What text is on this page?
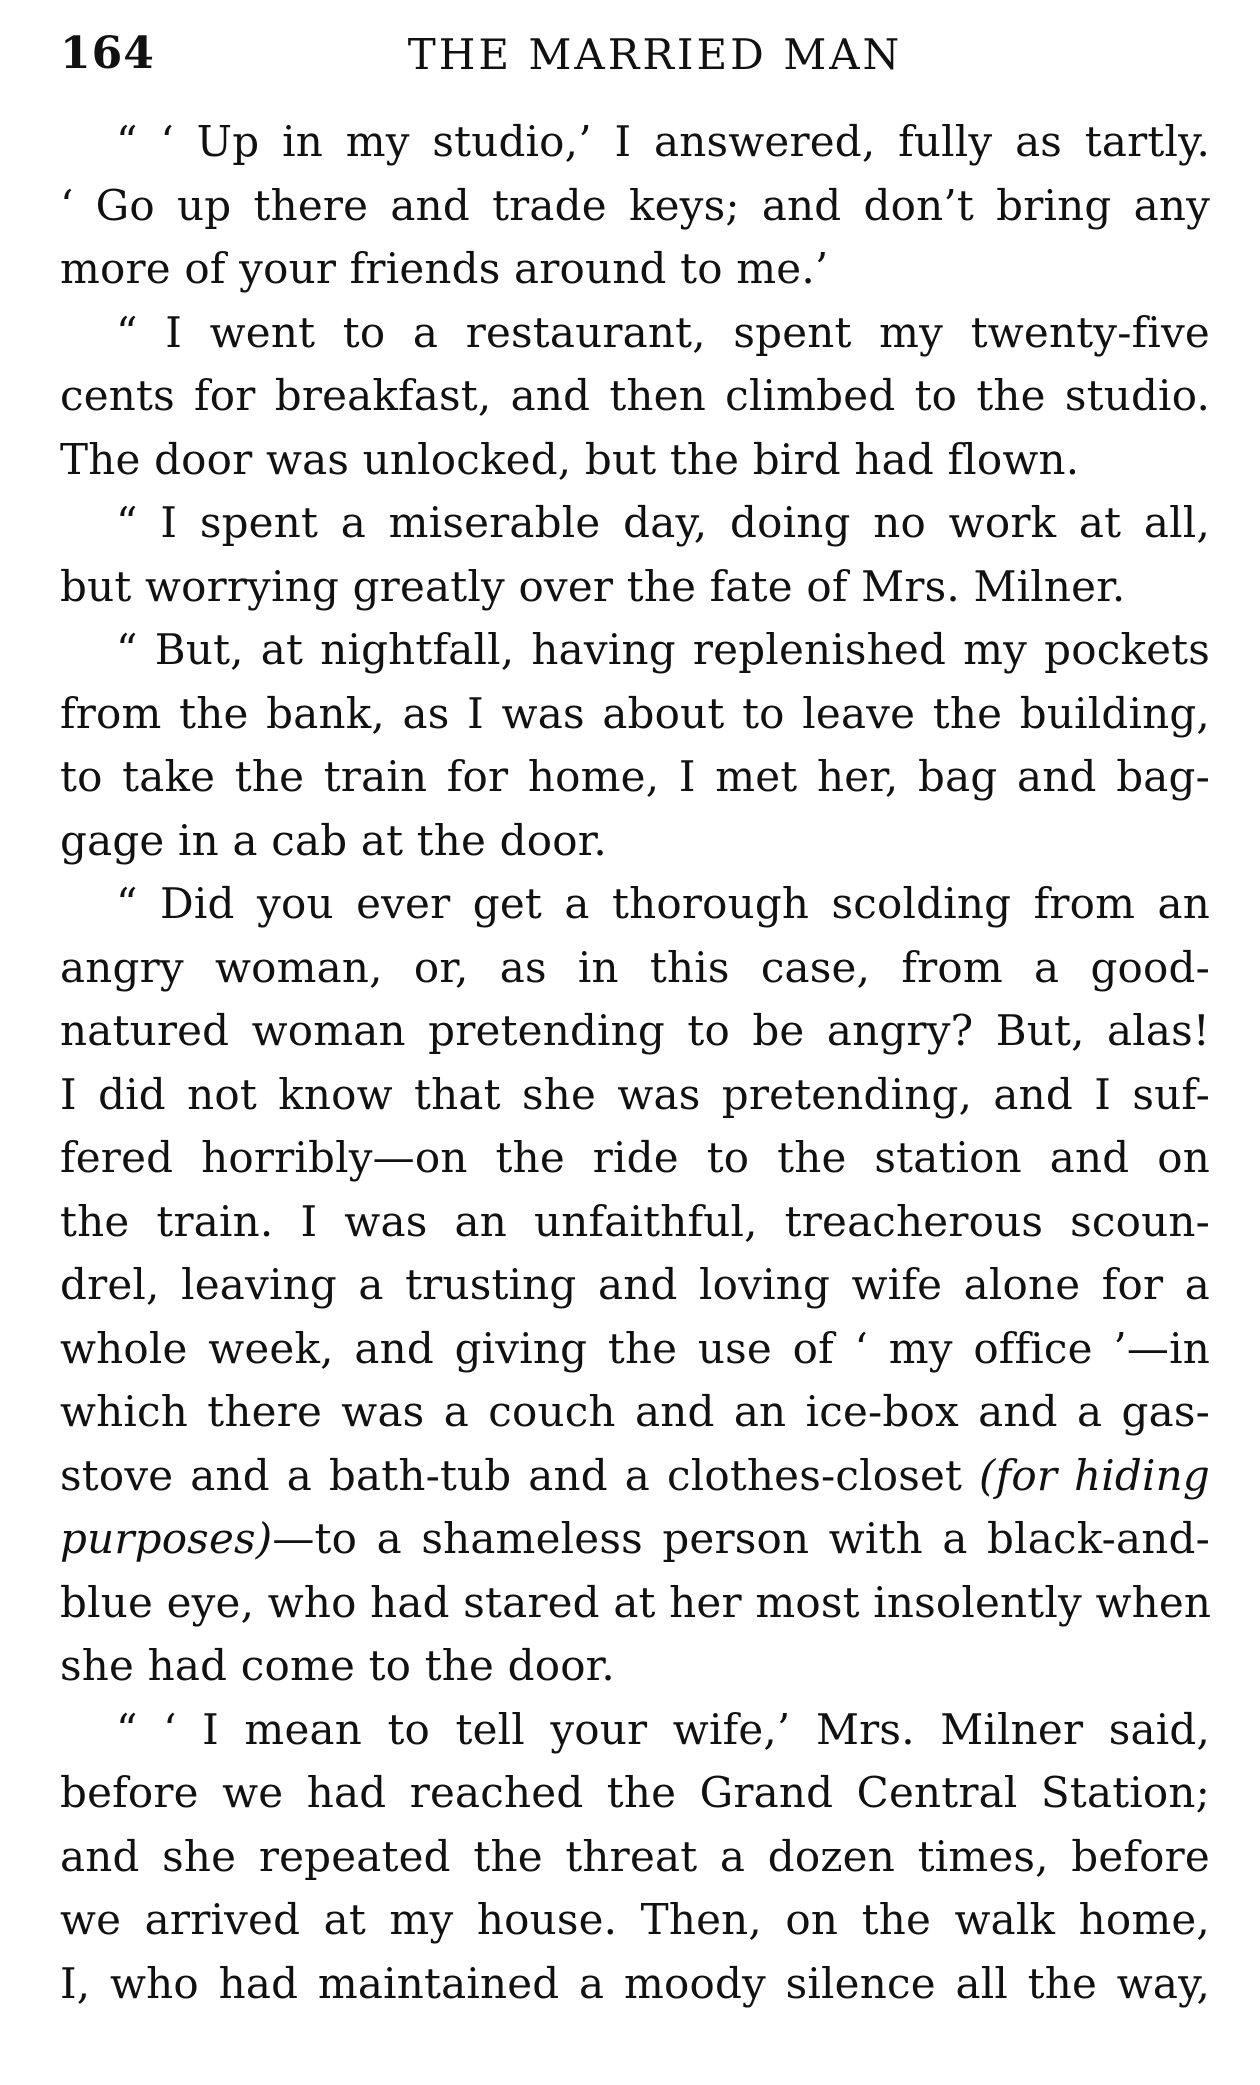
164	THE MARRIED MAN

“ ‘ Up in my studio,’ I answered, fully as tartly.
‘ Go up there and trade keys; and don’t bring any
more of your friends around to me.’

“ I went to a restaurant, spent my twenty-five
cents for breakfast, and then climbed to the studio.
The door was unlocked, but the bird had flown.

“ I spent a miserable day, doing no work at all,
but worrying greatly over the fate of Mrs. Milner.

“ But, at nightfall, having replenished my pockets
from the bank, as I was about to leave the building,
to take the train for home, I met her, bag and bag-
gage in a cab at the door.

“ Did you ever get a thorough scolding from an
angry woman, or, as in this case, from a good-
natured woman pretending to be angry? But, alas!
I did not know that she was pretending, and I suf-
fered horribly—on the ride to the station and on
the train. I was an unfaithful, treacherous scoun-
drel, leaving a trusting and loving wife alone for a
whole week, and giving the use of ‘ my office ’—in
which there was a couch and an ice-box and a gas-
stove and a bath-tub and a clothes-closet (for hiding
purposes)—to a shameless person with a black-and-
blue eye, who had stared at her most insolently when
she had come to the door.

“ ‘ I mean to tell your wife,’ Mrs. Milner said,
before we had reached the Grand Central Station;
and she repeated the threat a dozen times, before
we arrived at my house. Then, on the walk home,
I, who had maintained a moody silence all the way,
